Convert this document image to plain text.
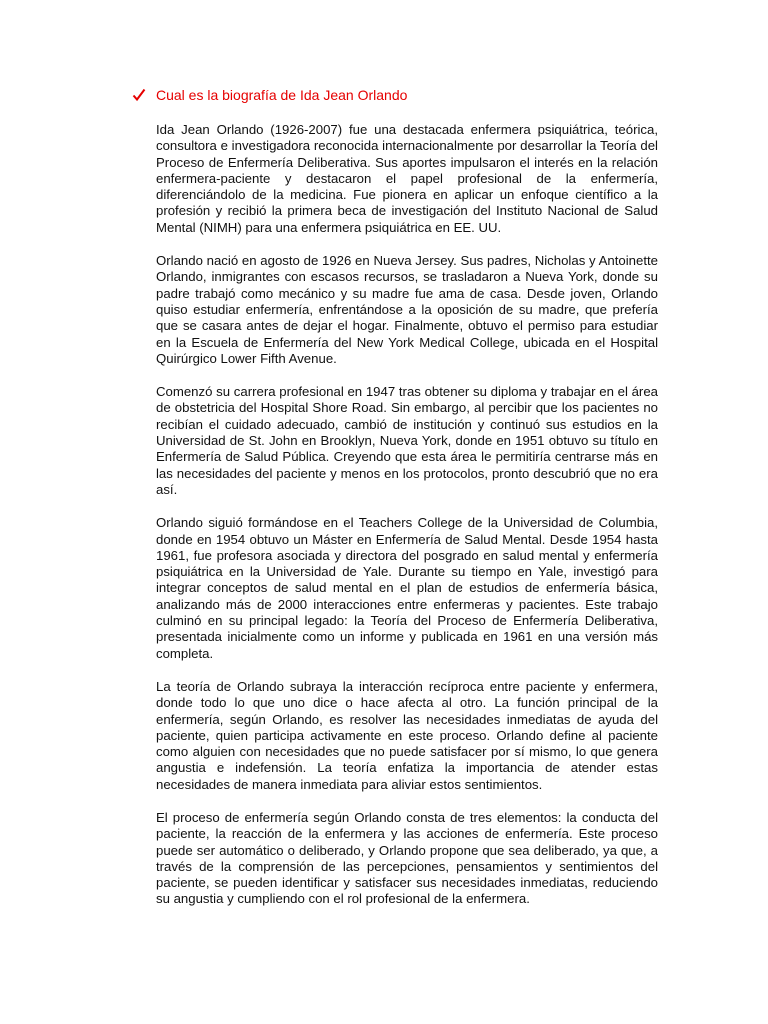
Cual es la biografía de Ida Jean Orlando

Ida Jean Orlando (1926-2007) fue una destacada enfermera psiquiátrica, teórica, consultora e investigadora reconocida internacionalmente por desarrollar la Teoría del Proceso de Enfermería Deliberativa. Sus aportes impulsaron el interés en la relación enfermera-paciente y destacaron el papel profesional de la enfermería, diferenciándolo de la medicina. Fue pionera en aplicar un enfoque científico a la profesión y recibió la primera beca de investigación del Instituto Nacional de Salud Mental (NIMH) para una enfermera psiquiátrica en EE. UU.

Orlando nació en agosto de 1926 en Nueva Jersey. Sus padres, Nicholas y Antoinette Orlando, inmigrantes con escasos recursos, se trasladaron a Nueva York, donde su padre trabajó como mecánico y su madre fue ama de casa. Desde joven, Orlando quiso estudiar enfermería, enfrentándose a la oposición de su madre, que prefería que se casara antes de dejar el hogar. Finalmente, obtuvo el permiso para estudiar en la Escuela de Enfermería del New York Medical College, ubicada en el Hospital Quirúrgico Lower Fifth Avenue.

Comenzó su carrera profesional en 1947 tras obtener su diploma y trabajar en el área de obstetricia del Hospital Shore Road. Sin embargo, al percibir que los pacientes no recibían el cuidado adecuado, cambió de institución y continuó sus estudios en la Universidad de St. John en Brooklyn, Nueva York, donde en 1951 obtuvo su título en Enfermería de Salud Pública. Creyendo que esta área le permitiría centrarse más en las necesidades del paciente y menos en los protocolos, pronto descubrió que no era así.

Orlando siguió formándose en el Teachers College de la Universidad de Columbia, donde en 1954 obtuvo un Máster en Enfermería de Salud Mental. Desde 1954 hasta 1961, fue profesora asociada y directora del posgrado en salud mental y enfermería psiquiátrica en la Universidad de Yale. Durante su tiempo en Yale, investigó para integrar conceptos de salud mental en el plan de estudios de enfermería básica, analizando más de 2000 interacciones entre enfermeras y pacientes. Este trabajo culminó en su principal legado: la Teoría del Proceso de Enfermería Deliberativa, presentada inicialmente como un informe y publicada en 1961 en una versión más completa.

La teoría de Orlando subraya la interacción recíproca entre paciente y enfermera, donde todo lo que uno dice o hace afecta al otro. La función principal de la enfermería, según Orlando, es resolver las necesidades inmediatas de ayuda del paciente, quien participa activamente en este proceso. Orlando define al paciente como alguien con necesidades que no puede satisfacer por sí mismo, lo que genera angustia e indefensión. La teoría enfatiza la importancia de atender estas necesidades de manera inmediata para aliviar estos sentimientos.

El proceso de enfermería según Orlando consta de tres elementos: la conducta del paciente, la reacción de la enfermera y las acciones de enfermería. Este proceso puede ser automático o deliberado, y Orlando propone que sea deliberado, ya que, a través de la comprensión de las percepciones, pensamientos y sentimientos del paciente, se pueden identificar y satisfacer sus necesidades inmediatas, reduciendo su angustia y cumpliendo con el rol profesional de la enfermera.
